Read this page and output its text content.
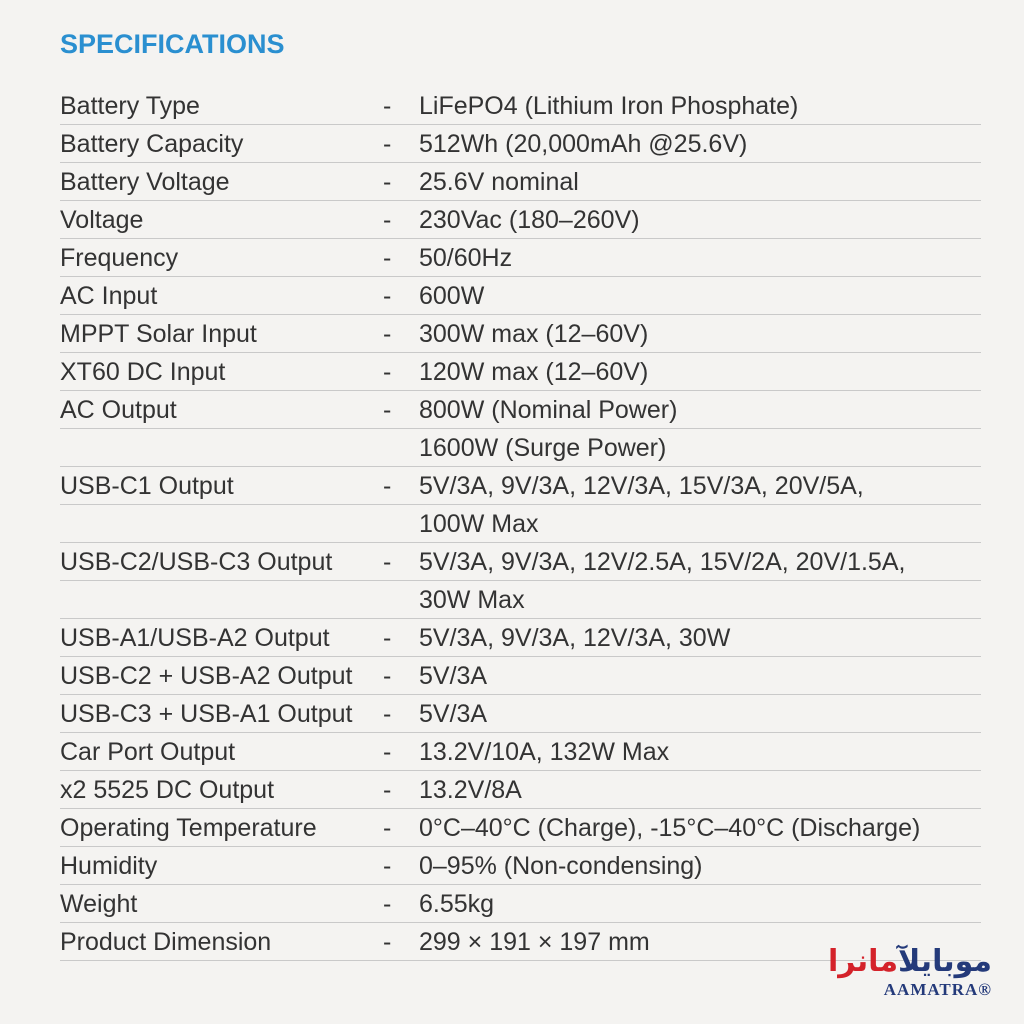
SPECIFICATIONS
Battery Type	-	LiFePO4 (Lithium Iron Phosphate)
Battery Capacity	-	512Wh (20,000mAh @25.6V)
Battery Voltage	-	25.6V nominal
Voltage	-	230Vac (180–260V)
Frequency	-	50/60Hz
AC Input	-	600W
MPPT Solar Input	-	300W max (12–60V)
XT60 DC Input	-	120W max (12–60V)
AC Output	-	800W (Nominal Power)
1600W (Surge Power)
USB-C1 Output	-	5V/3A, 9V/3A, 12V/3A, 15V/3A, 20V/5A,
100W Max
USB-C2/USB-C3 Output	-	5V/3A, 9V/3A, 12V/2.5A, 15V/2A, 20V/1.5A,
30W Max
USB-A1/USB-A2 Output	-	5V/3A, 9V/3A, 12V/3A, 30W
USB-C2 + USB-A2 Output	-	5V/3A
USB-C3 + USB-A1 Output	-	5V/3A
Car Port Output	-	13.2V/10A, 132W Max
x2 5525 DC Output	-	13.2V/8A
Operating Temperature	-	0°C–40°C (Charge), -15°C–40°C (Discharge)
Humidity	-	0–95% (Non-condensing)
Weight	-	6.55kg
Product Dimension	-	299 × 191 × 197 mm
موبایلآمانرا
AAMATRA®
